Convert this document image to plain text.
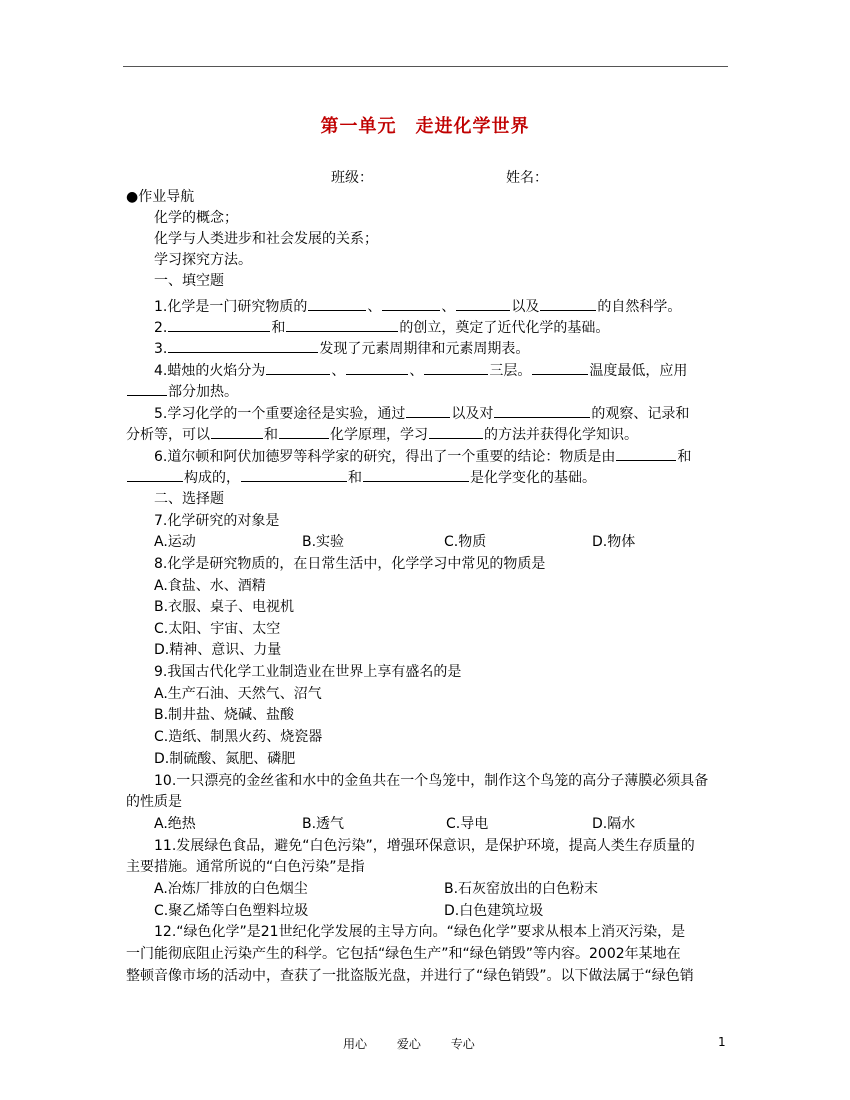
第一单元　走进化学世界
班级：	姓名：
●作业导航
化学的概念；
化学与人类进步和社会发展的关系；
学习探究方法。
一、填空题
1.化学是一门研究物质的	、	、	以及	的自然科学。
2.	和	的创立，奠定了近代化学的基础。
3.	发现了元素周期律和元素周期表。
4.蜡烛的火焰分为	、	、	三层。	温度最低，应用
部分加热。
5.学习化学的一个重要途径是实验，通过	以及对	的观察、记录和
分析等，可以	和	化学原理，学习	的方法并获得化学知识。
6.道尔顿和阿伏加德罗等科学家的研究，得出了一个重要的结论：物质是由	和
构成的，	和	是化学变化的基础。
二、选择题
7.化学研究的对象是
A.运动	B.实验	C.物质	D.物体
8.化学是研究物质的，在日常生活中，化学学习中常见的物质是
A.食盐、水、酒精
B.衣服、桌子、电视机
C.太阳、宇宙、太空
D.精神、意识、力量
9.我国古代化学工业制造业在世界上享有盛名的是
A.生产石油、天然气、沼气
B.制井盐、烧碱、盐酸
C.造纸、制黑火药、烧瓷器
D.制硫酸、氮肥、磷肥
10.一只漂亮的金丝雀和水中的金鱼共在一个鸟笼中，制作这个鸟笼的高分子薄膜必须具备
的性质是
A.绝热	B.透气	C.导电	D.隔水
11.发展绿色食品，避免“白色污染”，增强环保意识，是保护环境，提高人类生存质量的
主要措施。通常所说的“白色污染”是指
A.冶炼厂排放的白色烟尘	B.石灰窑放出的白色粉末
C.聚乙烯等白色塑料垃圾	D.白色建筑垃圾
12.“绿色化学”是21世纪化学发展的主导方向。“绿色化学”要求从根本上消灭污染，是
一门能彻底阻止污染产生的科学。它包括“绿色生产”和“绿色销毁”等内容。2002年某地在
整顿音像市场的活动中，查获了一批盗版光盘，并进行了“绿色销毁”。以下做法属于“绿色销
用心 爱心 专心	1
